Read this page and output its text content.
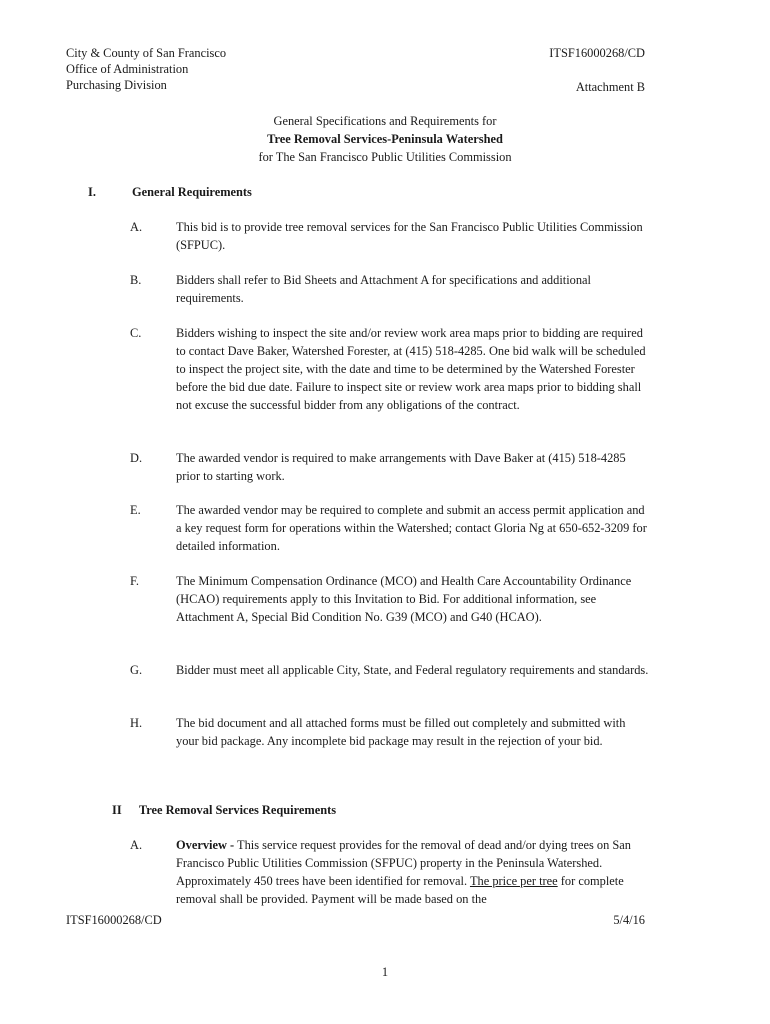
City & County of San Francisco
Office of Administration
Purchasing Division
ITSF16000268/CD
Attachment B
General Specifications and Requirements for
Tree Removal Services-Peninsula Watershed
for The San Francisco Public Utilities Commission
I.	General Requirements
A.	This bid is to provide tree removal services for the San Francisco Public Utilities Commission (SFPUC).
B.	Bidders shall refer to Bid Sheets and Attachment A for specifications and additional requirements.
C.	Bidders wishing to inspect the site and/or review work area maps prior to bidding are required to contact Dave Baker, Watershed Forester, at (415) 518-4285. One bid walk will be scheduled to inspect the project site, with the date and time to be determined by the Watershed Forester before the bid due date. Failure to inspect site or review work area maps prior to bidding shall not excuse the successful bidder from any obligations of the contract.
D.	The awarded vendor is required to make arrangements with Dave Baker at (415) 518-4285 prior to starting work.
E.	The awarded vendor may be required to complete and submit an access permit application and a key request form for operations within the Watershed; contact Gloria Ng at 650-652-3209 for detailed information.
F.	The Minimum Compensation Ordinance (MCO) and Health Care Accountability Ordinance (HCAO) requirements apply to this Invitation to Bid. For additional information, see Attachment A, Special Bid Condition No. G39 (MCO) and G40 (HCAO).
G.	Bidder must meet all applicable City, State, and Federal regulatory requirements and standards.
H.	The bid document and all attached forms must be filled out completely and submitted with your bid package. Any incomplete bid package may result in the rejection of your bid.
II Tree Removal Services Requirements
A.	Overview - This service request provides for the removal of dead and/or dying trees on San Francisco Public Utilities Commission (SFPUC) property in the Peninsula Watershed. Approximately 450 trees have been identified for removal. The price per tree for complete removal shall be provided. Payment will be made based on the
ITSF16000268/CD	5/4/16
1
